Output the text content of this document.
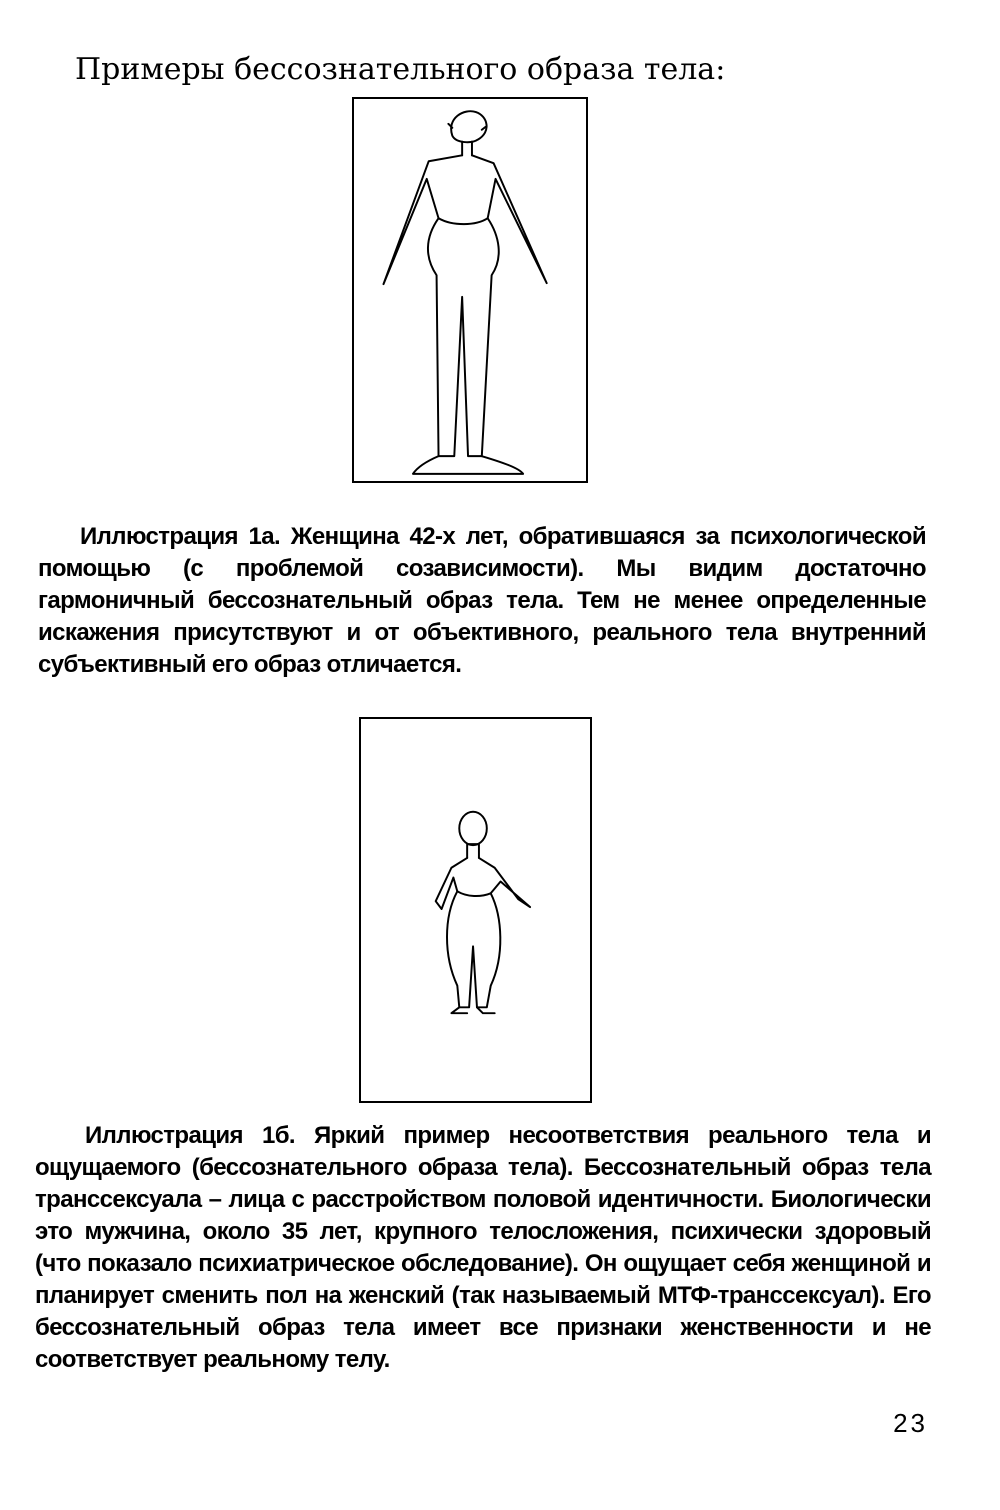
Примеры бессознательного образа тела:
Иллюстрация 1а. Женщина 42-х лет, обратившаяся за психологической помощью (с проблемой созависимости). Мы видим достаточно гармоничный бессознательный образ тела. Тем не менее определенные искажения присутствуют и от объективного, реального тела внутренний субъективный его образ отличается.
Иллюстрация 1б. Яркий пример несоответствия реального тела и ощущаемого (бессознательного образа тела). Бессознательный образ тела транссексуала – лица с расстройством половой идентичности. Биологически это мужчина, около 35 лет, крупного телосложения, психически здоровый (что показало психиатрическое обследование). Он ощущает себя женщиной и планирует сменить пол на женский (так называемый МТФ-транссексуал). Его бессознательный образ тела имеет все признаки женственности и не соответствует реальному телу.
23
